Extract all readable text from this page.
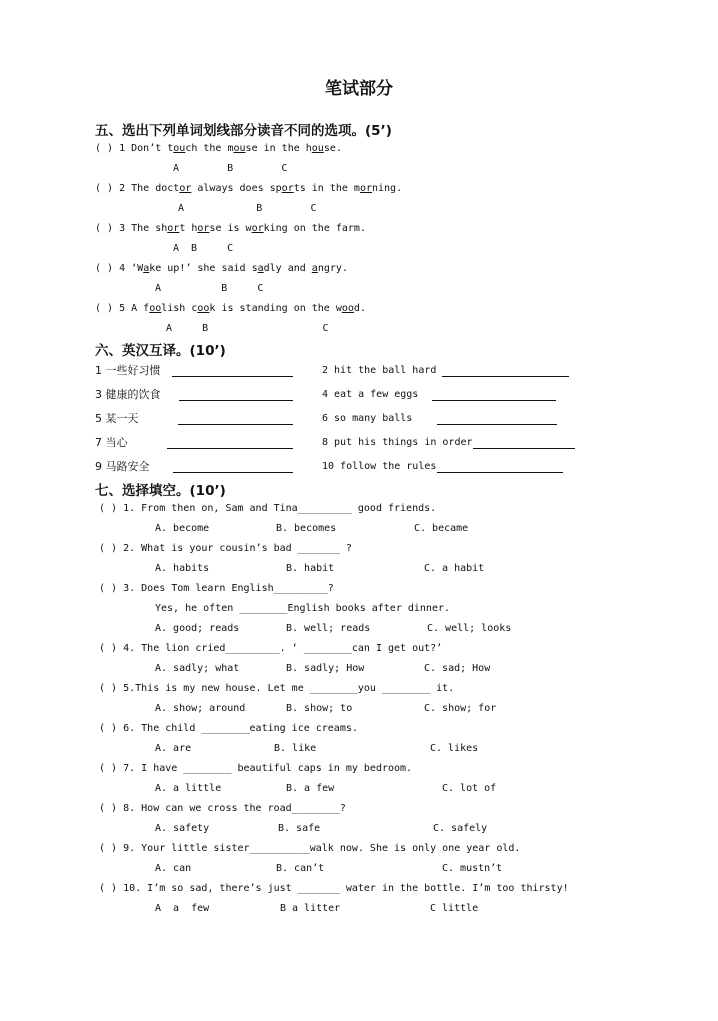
笔试部分
五、选出下列单词划线部分读音不同的选项。(5’)
( ) 1 Don’t touch the mouse in the house.
A        B        C
( ) 2 The doctor always does sports in the morning.
A            B        C
( ) 3 The short horse is working on the farm.
A  B     C
( ) 4 ‘Wake up!’ she said sadly and angry.
A          B     C
( ) 5 A foolish cook is standing on the wood.
A     B                   C
六、英汉互译。(10’)
1 一些好习惯	2 hit the ball hard
3 健康的饮食	4 eat a few eggs
5 某一天	6 so many balls
7 当心	8 put his things in order
9 马路安全	10 follow the rules
七、选择填空。(10’)
( ) 1. From then on, Sam and Tina_________ good friends.
A. become	B. becomes	C. became
( ) 2. What is your cousin’s bad _______ ?
A. habits	B. habit	C. a habit
( ) 3. Does Tom learn English_________?
Yes, he often ________English books after dinner.
A. good; reads	B. well; reads	C. well; looks
( ) 4. The lion cried_________. ‘ ________can I get out?’
A. sadly; what	B. sadly; How	C. sad; How
( ) 5.This is my new house. Let me ________you ________ it.
A. show; around	B. show; to	C. show; for
( ) 6. The child ________eating ice creams.
A. are	B. like	C. likes
( ) 7. I have ________ beautiful caps in my bedroom.
A. a little	B. a few	C. lot of
( ) 8. How can we cross the road________?
A. safety	B. safe	C. safely
( ) 9. Your little sister__________walk now. She is only one year old.
A. can	B. can’t	C. mustn’t
( ) 10. I’m so sad, there’s just _______ water in the bottle. I’m too thirsty!
A  a  few	B a litter	C little
